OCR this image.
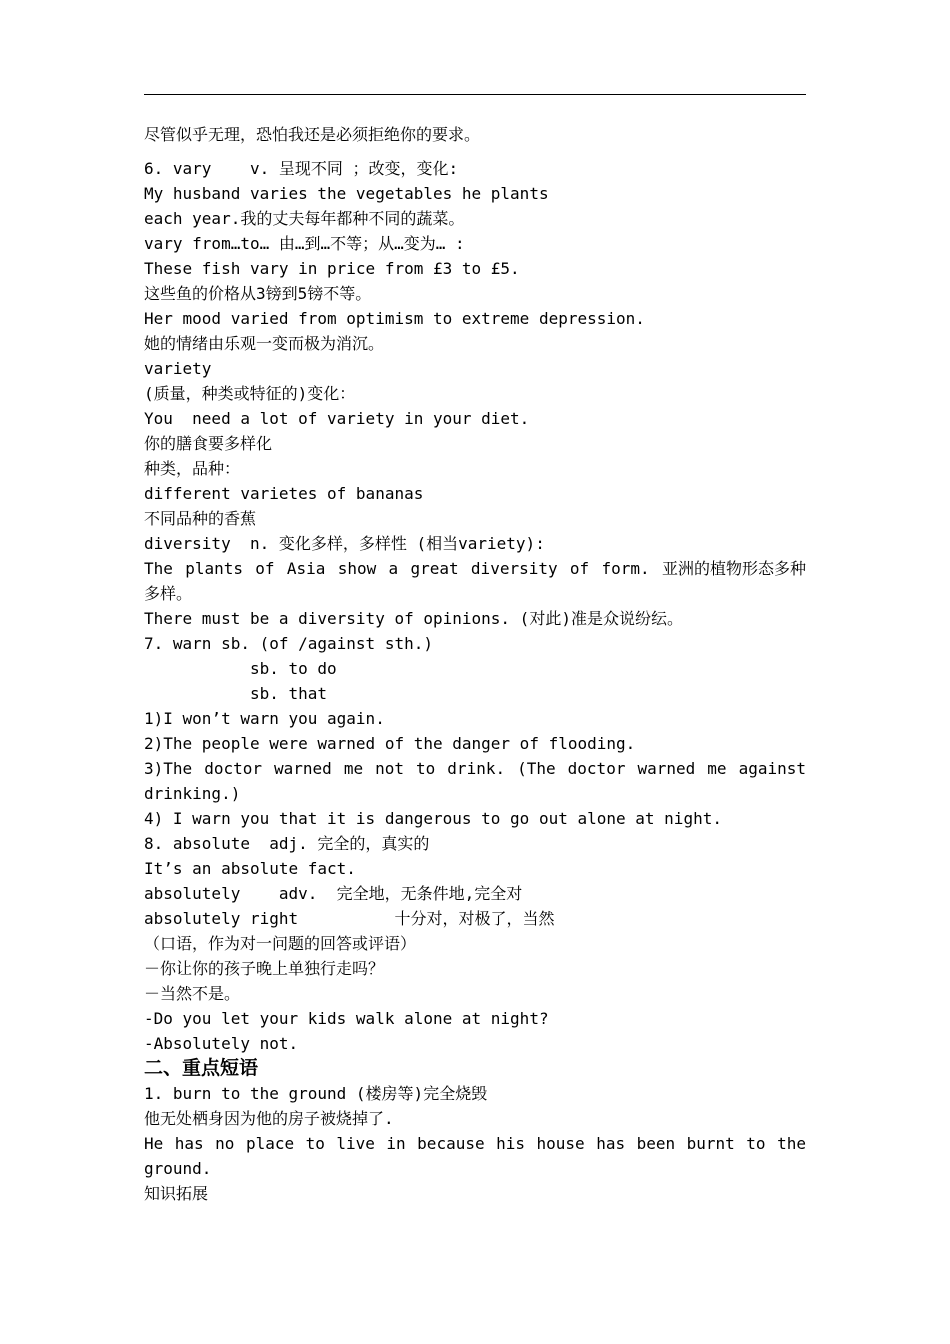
尽管似乎无理，恐怕我还是必须拒绝你的要求。
6. vary    v. 呈现不同 ；改变，变化:
My husband varies the vegetables he plants
each year.我的丈夫每年都种不同的蔬菜。
vary from…to… 由…到…不等；从…变为… :
These fish vary in price from £3 to £5.
这些鱼的价格从3镑到5镑不等。
Her mood varied from optimism to extreme depression.
她的情绪由乐观一变而极为消沉。
variety
(质量，种类或特征的)变化：
You  need a lot of variety in your diet.
你的膳食要多样化
种类，品种：
different varietes of bananas
不同品种的香蕉
diversity  n. 变化多样，多样性 (相当variety):
The plants of Asia show a great diversity of form. 亚洲的植物形态多种
多样。
There must be a diversity of opinions. (对此)准是众说纷纭。
7. warn sb. (of /against sth.)
sb. to do
sb. that
1)I won’t warn you again.
2)The people were warned of the danger of flooding.
3)The doctor warned me not to drink. (The doctor warned me against
drinking.)
4) I warn you that it is dangerous to go out alone at night.
8. absolute  adj. 完全的，真实的
It’s an absolute fact.
absolutely    adv.  完全地，无条件地,完全对
absolutely right          十分对，对极了，当然
（口语，作为对一问题的回答或评语）
－你让你的孩子晚上单独行走吗？
－当然不是。
-Do you let your kids walk alone at night?
-Absolutely not.
二、重点短语
1. burn to the ground (楼房等)完全烧毁
他无处栖身因为他的房子被烧掉了.
He has no place to live in because his house has been burnt to the
ground.
知识拓展
